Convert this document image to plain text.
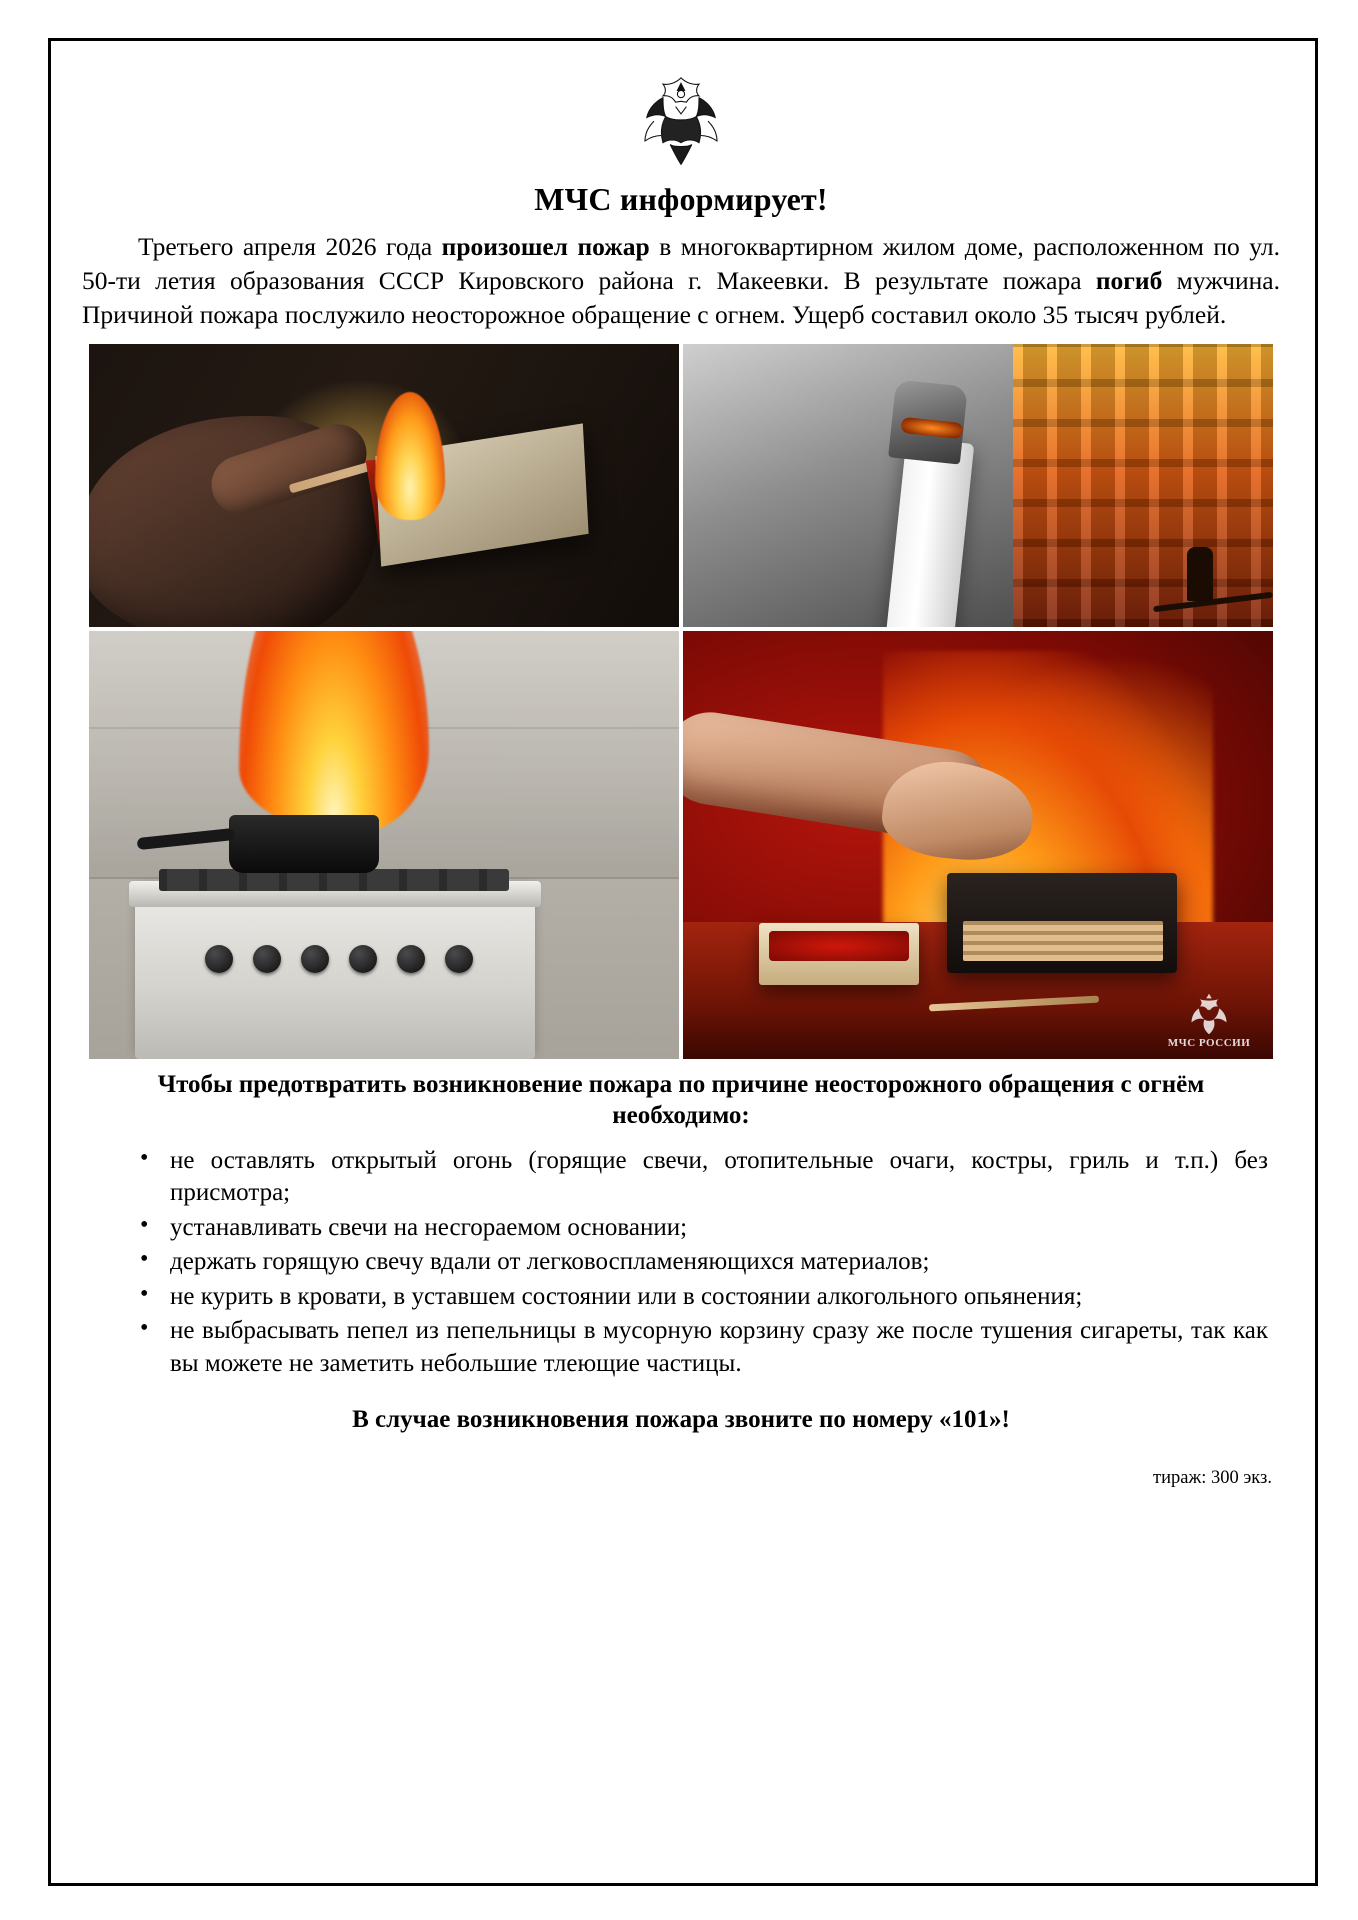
МЧС информирует!

Третьего апреля 2026 года произошел пожар в многоквартирном жилом доме, расположенном по ул. 50-ти летия образования СССР Кировского района г. Макеевки. В результате пожара погиб мужчина. Причиной пожара послужило неосторожное обращение с огнем. Ущерб составил около 35 тысяч рублей.

МЧС РОССИИ
Чтобы предотвратить возникновение пожара по причине неосторожного обращения с огнём необходимо:
• не оставлять открытый огонь (горящие свечи, отопительные очаги, костры, гриль и т.п.) без присмотра;
• устанавливать свечи на несгораемом основании;
• держать горящую свечу вдали от легковоспламеняющихся материалов;
• не курить в кровати, в уставшем состоянии или в состоянии алкогольного опьянения;
• не выбрасывать пепел из пепельницы в мусорную корзину сразу же после тушения сигареты, так как вы можете не заметить небольшие тлеющие частицы.
В случае возникновения пожара звоните по номеру «101»!
тираж: 300 экз.
